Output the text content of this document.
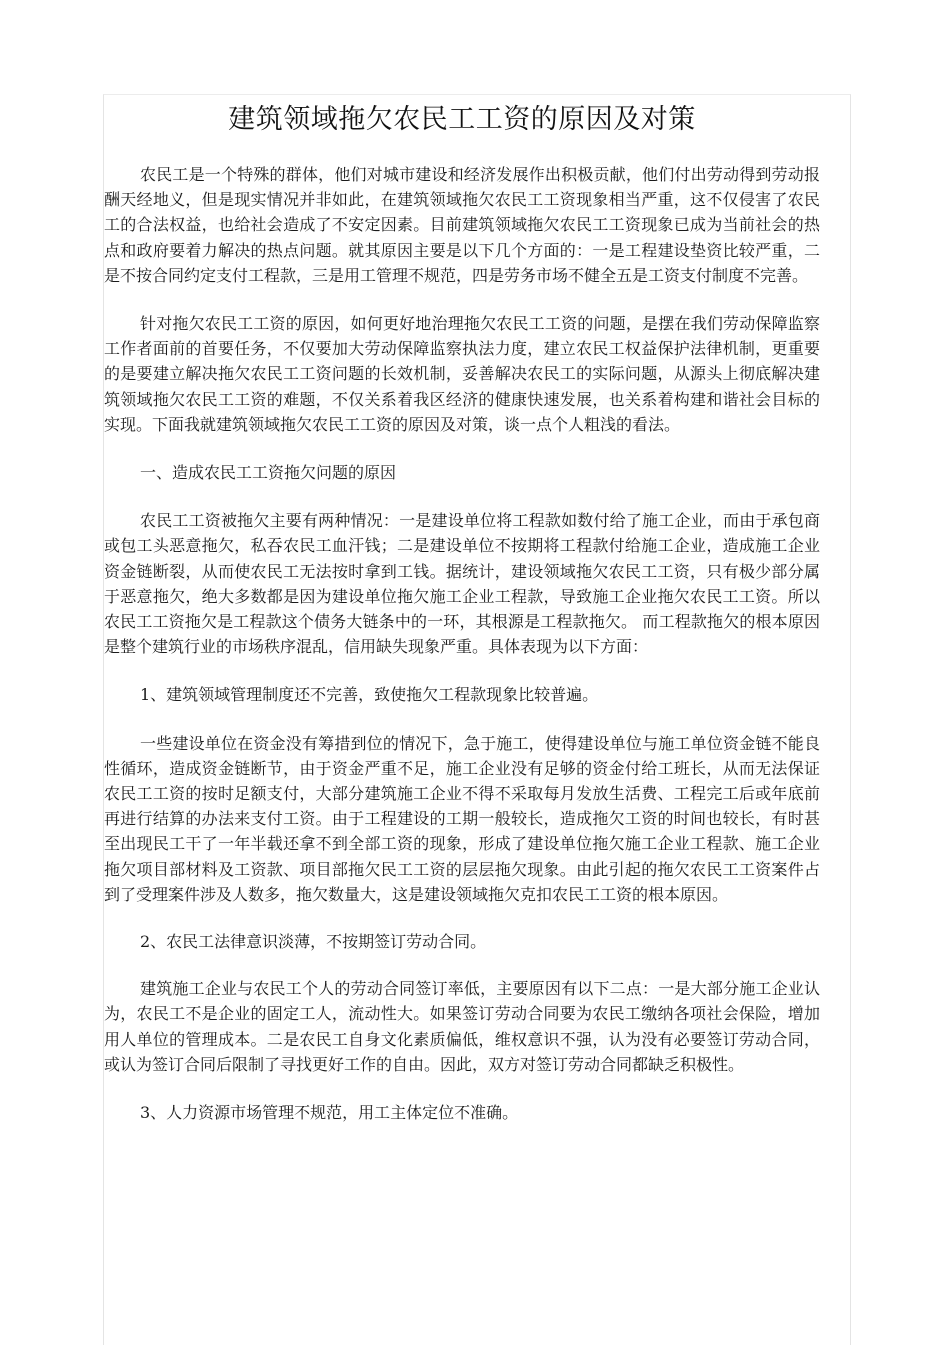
建筑领域拖欠农民工工资的原因及对策

农民工是一个特殊的群体，他们对城市建设和经济发展作出积极贡献，他们付出劳动得到劳动报酬天经地义，但是现实情况并非如此，在建筑领域拖欠农民工工资现象相当严重，这不仅侵害了农民工的合法权益，也给社会造成了不安定因素。目前建筑领域拖欠农民工工资现象已成为当前社会的热点和政府要着力解决的热点问题。就其原因主要是以下几个方面的：一是工程建设垫资比较严重，二是不按合同约定支付工程款，三是用工管理不规范，四是劳务市场不健全五是工资支付制度不完善。

针对拖欠农民工工资的原因，如何更好地治理拖欠农民工工资的问题，是摆在我们劳动保障监察工作者面前的首要任务，不仅要加大劳动保障监察执法力度，建立农民工权益保护法律机制，更重要的是要建立解决拖欠农民工工资问题的长效机制，妥善解决农民工的实际问题，从源头上彻底解决建筑领域拖欠农民工工资的难题，不仅关系着我区经济的健康快速发展，也关系着构建和谐社会目标的实现。下面我就建筑领域拖欠农民工工资的原因及对策，谈一点个人粗浅的看法。

一、造成农民工工资拖欠问题的原因

农民工工资被拖欠主要有两种情况：一是建设单位将工程款如数付给了施工企业，而由于承包商或包工头恶意拖欠，私吞农民工血汗钱；二是建设单位不按期将工程款付给施工企业，造成施工企业资金链断裂，从而使农民工无法按时拿到工钱。据统计，建设领域拖欠农民工工资，只有极少部分属于恶意拖欠，绝大多数都是因为建设单位拖欠施工企业工程款，导致施工企业拖欠农民工工资。所以农民工工资拖欠是工程款这个债务大链条中的一环，其根源是工程款拖欠。 而工程款拖欠的根本原因是整个建筑行业的市场秩序混乱，信用缺失现象严重。具体表现为以下方面：

1、建筑领域管理制度还不完善，致使拖欠工程款现象比较普遍。

一些建设单位在资金没有筹措到位的情况下，急于施工，使得建设单位与施工单位资金链不能良性循环，造成资金链断节，由于资金严重不足，施工企业没有足够的资金付给工班长，从而无法保证农民工工资的按时足额支付，大部分建筑施工企业不得不采取每月发放生活费、工程完工后或年底前再进行结算的办法来支付工资。由于工程建设的工期一般较长，造成拖欠工资的时间也较长，有时甚至出现民工干了一年半载还拿不到全部工资的现象，形成了建设单位拖欠施工企业工程款、施工企业拖欠项目部材料及工资款、项目部拖欠民工工资的层层拖欠现象。由此引起的拖欠农民工工资案件占到了受理案件涉及人数多，拖欠数量大，这是建设领域拖欠克扣农民工工资的根本原因。

2、农民工法律意识淡薄，不按期签订劳动合同。

建筑施工企业与农民工个人的劳动合同签订率低，主要原因有以下二点：一是大部分施工企业认为，农民工不是企业的固定工人，流动性大。如果签订劳动合同要为农民工缴纳各项社会保险，增加用人单位的管理成本。二是农民工自身文化素质偏低，维权意识不强，认为没有必要签订劳动合同，或认为签订合同后限制了寻找更好工作的自由。因此，双方对签订劳动合同都缺乏积极性。

3、人力资源市场管理不规范，用工主体定位不准确。
